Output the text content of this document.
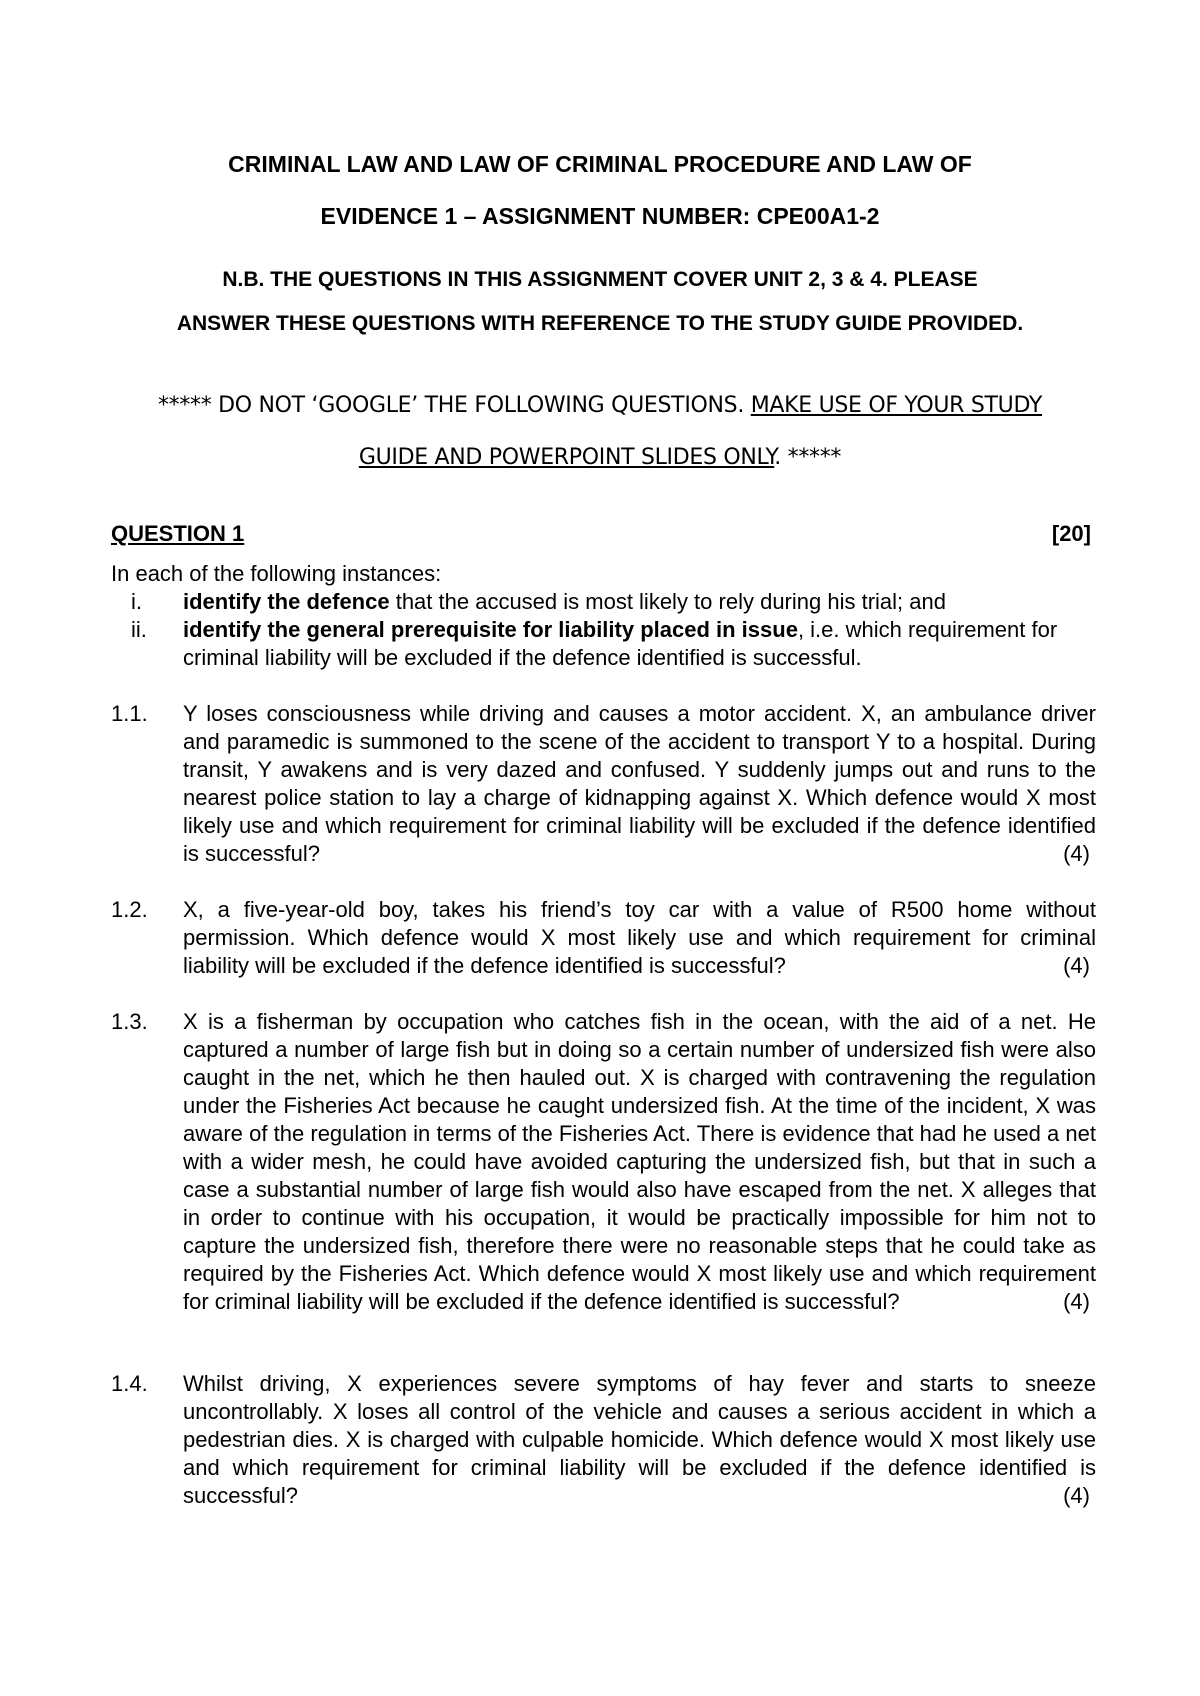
CRIMINAL LAW AND LAW OF CRIMINAL PROCEDURE AND LAW OF
EVIDENCE 1 – ASSIGNMENT NUMBER: CPE00A1-2
N.B. THE QUESTIONS IN THIS ASSIGNMENT COVER UNIT 2, 3 & 4. PLEASE
ANSWER THESE QUESTIONS WITH REFERENCE TO THE STUDY GUIDE PROVIDED.
***** DO NOT ‘GOOGLE’ THE FOLLOWING QUESTIONS. MAKE USE OF YOUR STUDY
GUIDE AND POWERPOINT SLIDES ONLY. *****
QUESTION 1	[20]
In each of the following instances:
i.	identify the defence that the accused is most likely to rely during his trial; and
ii.	identify the general prerequisite for liability placed in issue, i.e. which requirement for criminal liability will be excluded if the defence identified is successful.
1.1. Y loses consciousness while driving and causes a motor accident. X, an ambulance driver and paramedic is summoned to the scene of the accident to transport Y to a hospital. During transit, Y awakens and is very dazed and confused. Y suddenly jumps out and runs to the nearest police station to lay a charge of kidnapping against X. Which defence would X most likely use and which requirement for criminal liability will be excluded if the defence identified is successful?	(4)
1.2. X, a five-year-old boy, takes his friend’s toy car with a value of R500 home without permission. Which defence would X most likely use and which requirement for criminal liability will be excluded if the defence identified is successful?	(4)
1.3. X is a fisherman by occupation who catches fish in the ocean, with the aid of a net. He captured a number of large fish but in doing so a certain number of undersized fish were also caught in the net, which he then hauled out. X is charged with contravening the regulation under the Fisheries Act because he caught undersized fish. At the time of the incident, X was aware of the regulation in terms of the Fisheries Act. There is evidence that had he used a net with a wider mesh, he could have avoided capturing the undersized fish, but that in such a case a substantial number of large fish would also have escaped from the net. X alleges that in order to continue with his occupation, it would be practically impossible for him not to capture the undersized fish, therefore there were no reasonable steps that he could take as required by the Fisheries Act. Which defence would X most likely use and which requirement for criminal liability will be excluded if the defence identified is successful?	(4)
1.4. Whilst driving, X experiences severe symptoms of hay fever and starts to sneeze uncontrollably. X loses all control of the vehicle and causes a serious accident in which a pedestrian dies. X is charged with culpable homicide. Which defence would X most likely use and which requirement for criminal liability will be excluded if the defence identified is successful?	(4)
